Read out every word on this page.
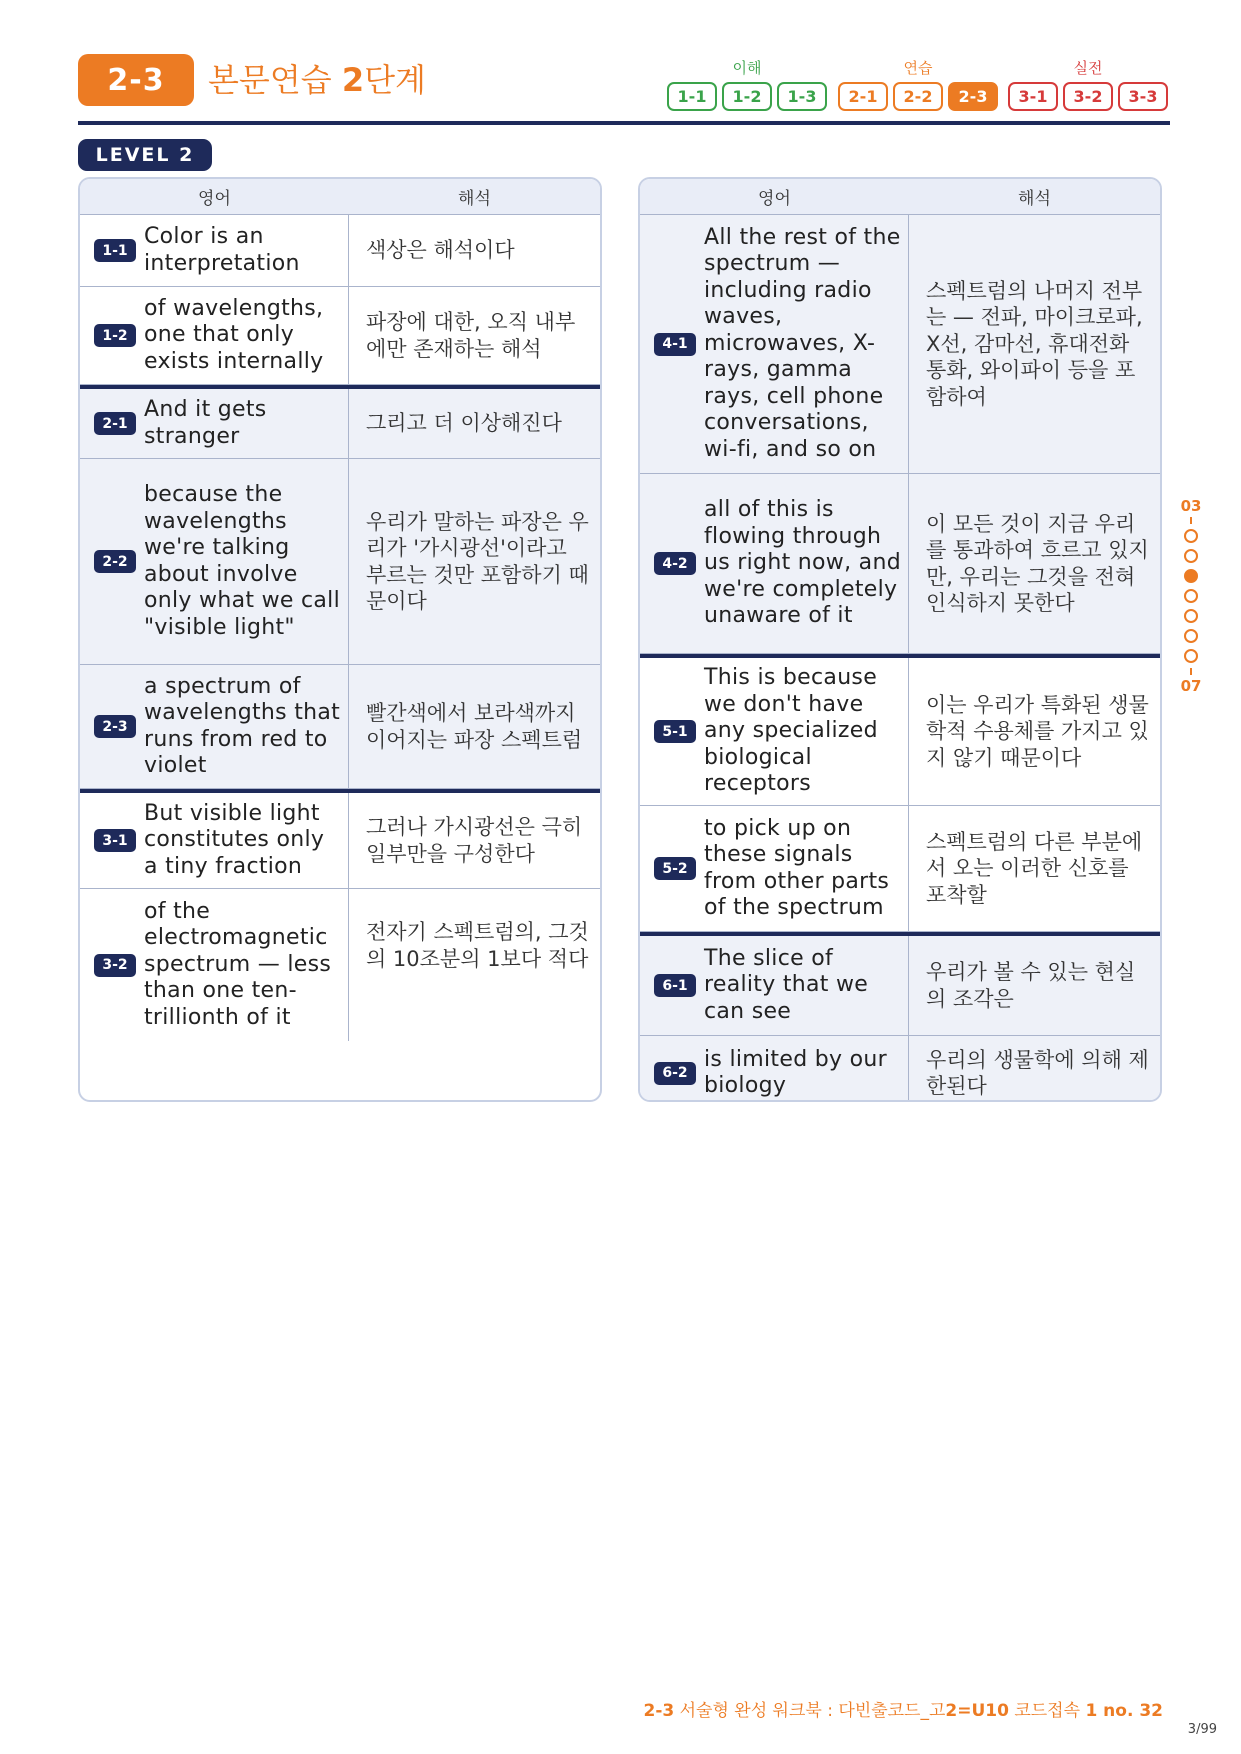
2-3	본문연습 2단계	이해
1-1	1-2	1-3
연습
2-1	2-2	2-3
실전
3-1	3-2	3-3
LEVEL 2
영어	해석
1-1
Color is an interpretation
색상은 해석이다
1-2
of wavelengths, one that only exists internally
파장에 대한, 오직 내부에만 존재하는 해석
2-1
And it gets stranger
그리고 더 이상해진다
2-2
because the wavelengths we're talking about involve only what we call "visible light"
우리가 말하는 파장은 우리가 '가시광선'이라고 부르는 것만 포함하기 때문이다
2-3
a spectrum of wavelengths that runs from red to violet
빨간색에서 보라색까지 이어지는 파장 스펙트럼
3-1
But visible light constitutes only a tiny fraction
그러나 가시광선은 극히 일부만을 구성한다
3-2
of the electromagnetic spectrum — less than one ten-trillionth of it
전자기 스펙트럼의, 그것의 10조분의 1보다 적다
영어	해석
4-1
All the rest of the spectrum — including radio waves, microwaves, X-rays, gamma rays, cell phone conversations, wi-fi, and so on
스펙트럼의 나머지 전부는 — 전파, 마이크로파, X선, 감마선, 휴대전화 통화, 와이파이 등을 포함하여
4-2
all of this is flowing through us right now, and we're completely unaware of it
이 모든 것이 지금 우리를 통과하여 흐르고 있지만, 우리는 그것을 전혀 인식하지 못한다
5-1
This is because we don't have any specialized biological receptors
이는 우리가 특화된 생물학적 수용체를 가지고 있지 않기 때문이다
5-2
to pick up on these signals from other parts of the spectrum
스펙트럼의 다른 부분에서 오는 이러한 신호를 포착할
6-1
The slice of reality that we can see
우리가 볼 수 있는 현실의 조각은
6-2
is limited by our biology
우리의 생물학에 의해 제한된다
03
07
2-3 서술형 완성 워크북 : 다빈출코드_고2=U10 코드접속 1 no. 32
3/99
